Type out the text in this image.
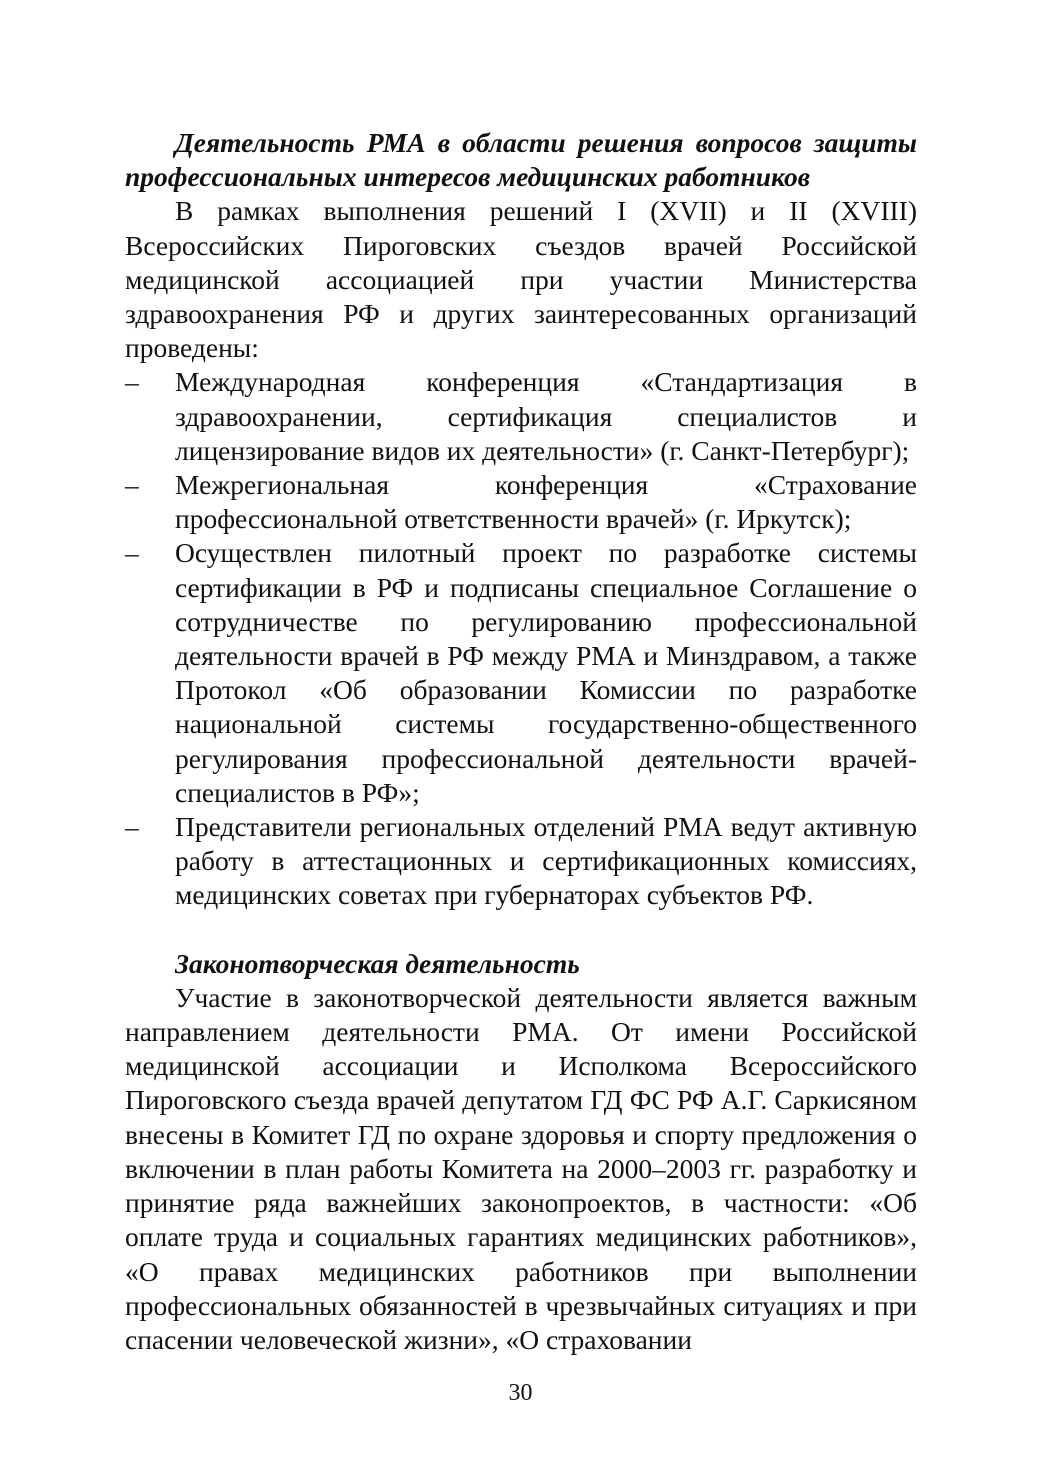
Деятельность РМА в области решения вопросов защиты профессиональных интересов медицинских работников

В рамках выполнения решений I (XVII) и II (XVIII) Всероссийских Пироговских съездов врачей Российской медицинской ассоциацией при участии Министерства здравоохранения РФ и других заинтересованных организаций проведены:

– Международная конференция «Стандартизация в здравоохранении, сертификация специалистов и лицензирование видов их деятельности» (г. Санкт-Петербург);
– Межрегиональная конференция «Страхование профессиональной ответственности врачей» (г. Иркутск);
– Осуществлен пилотный проект по разработке системы сертификации в РФ и подписаны специальное Соглашение о сотрудничестве по регулированию профессиональной деятельности врачей в РФ между РМА и Минздравом, а также Протокол «Об образовании Комиссии по разработке национальной системы государственно-общественного регулирования профессиональной деятельности врачей-специалистов в РФ»;
– Представители региональных отделений РМА ведут активную работу в аттестационных и сертификационных комиссиях, медицинских советах при губернаторах субъектов РФ.

Законотворческая деятельность

Участие в законотворческой деятельности является важным направлением деятельности РМА. От имени Российской медицинской ассоциации и Исполкома Всероссийского Пироговского съезда врачей депутатом ГД ФС РФ А.Г. Саркисяном внесены в Комитет ГД по охране здоровья и спорту предложения о включении в план работы Комитета на 2000–2003 гг. разработку и принятие ряда важнейших законопроектов, в частности: «Об оплате труда и социальных гарантиях медицинских работников», «О правах медицинских работников при выполнении профессиональных обязанностей в чрезвычайных ситуациях и при спасении человеческой жизни», «О страховании

30
